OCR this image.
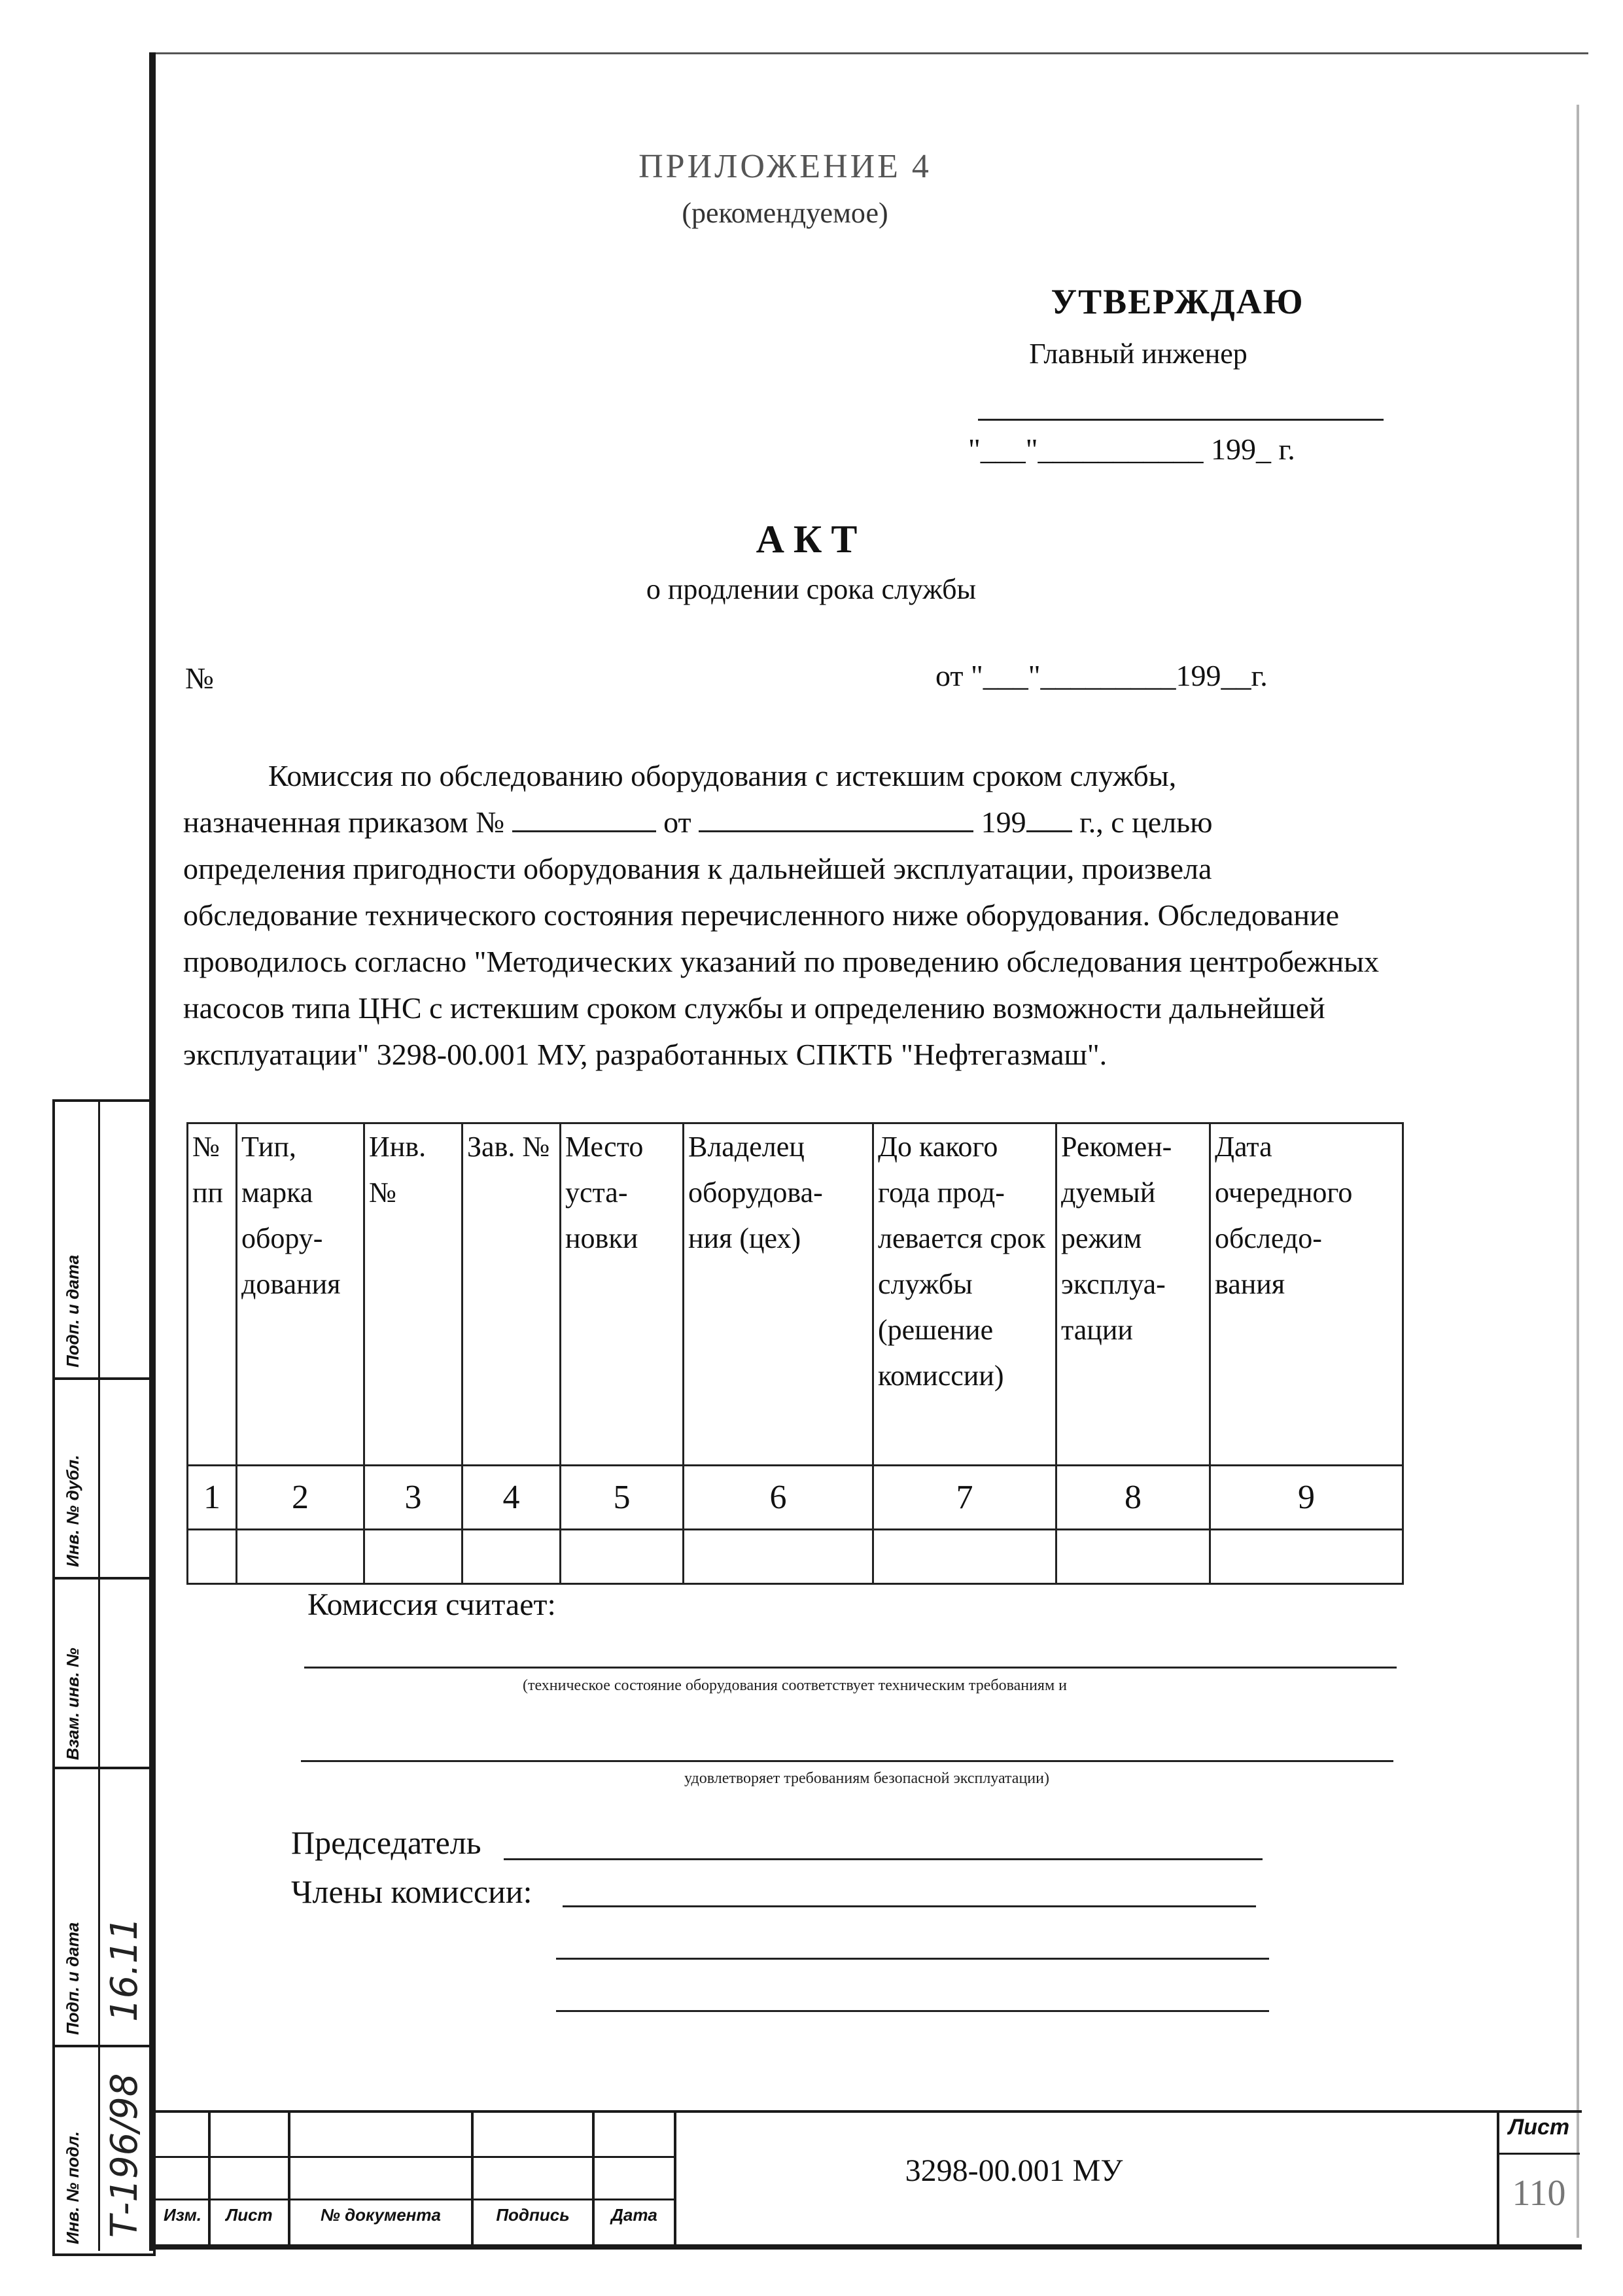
ПРИЛОЖЕНИЕ 4
(рекомендуемое)
УТВЕРЖДАЮ
Главный инженер
"___"___________ 199_ г.
АКТ
о продлении срока службы
№	от "___"_________199__г.

Комиссия по обследованию оборудования с истекшим сроком службы,

назначенная приказом №	от	199 г., с целью

определения пригодности оборудования к дальнейшей эксплуатации, произвела обследование технического состояния перечисленного ниже оборудования. Обследование проводилось согласно "Методических указаний по проведению обследования центробежных насосов типа ЦНС с истекшим сроком службы и определению возможности дальнейшей эксплуатации" 3298-00.001 МУ, разработанных СПКТБ "Нефтегазмаш".

№ пп	Тип, марка обору- дования	Инв. №	Зав. №	Место уста- новки	Владелец оборудова- ния (цех)	До какого года прод- левается срок службы (решение комиссии)	Рекомен- дуемый режим эксплуа- тации	Дата очередного обследо- вания
1	2	3	4	5	6	7	8	9

Комиссия считает:
(техническое состояние оборудования соответствует техническим требованиям и
удовлетворяет требованиям безопасной эксплуатации)
Председатель
Члены комиссии:
Подп. и дата
Инв. № дубл.
Взам. инв. №
Подп. и дата
Инв. № подл. Т-196/98
16.11
Изм.	Лист	№ документа	Подпись	Дата
3298-00.001 МУ
Лист
110
